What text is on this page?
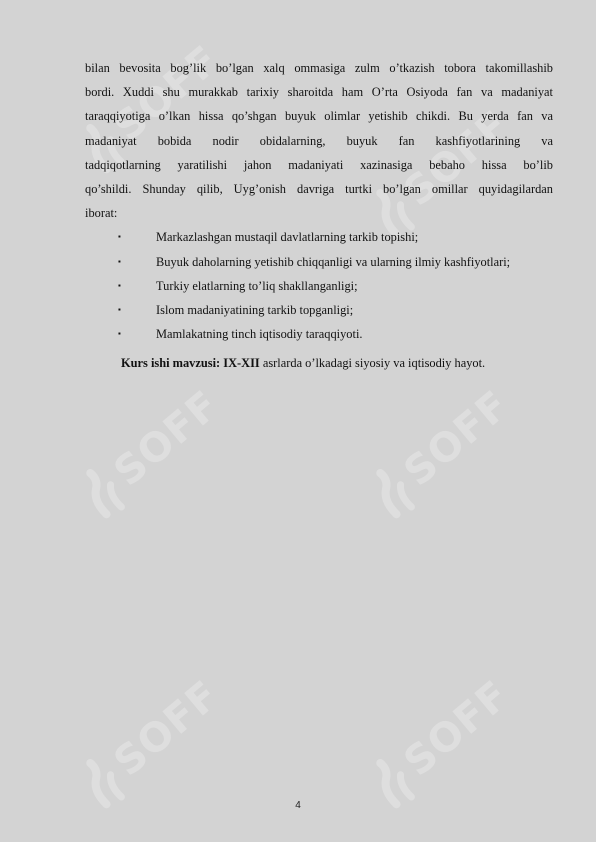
SOFF
SOFF
SOFF	SOFF
SOFF	SOFF
bilan bevosita bog’lik bo’lgan xalq ommasiga zulm o’tkazish tobora takomillashib
bordi. Xuddi shu murakkab tarixiy sharoitda ham O’rta Osiyoda fan va madaniyat
taraqqiyotiga o’lkan hissa qo’shgan buyuk olimlar yetishib chikdi. Bu yerda fan va
madaniyat bobida nodir obidalarning, buyuk fan kashfiyotlarining va
tadqiqotlarning yaratilishi jahon madaniyati xazinasiga bebaho hissa bo’lib
qo’shildi. Shunday qilib, Uyg’onish davriga turtki bo’lgan omillar quyidagilardan
iborat:
▪	Markazlashgan mustaqil davlatlarning tarkib topishi;
▪	Buyuk daholarning yetishib chiqqanligi va ularning ilmiy kashfiyotlari;
▪	Turkiy elatlarning to’liq shakllanganligi;
▪	Islom madaniyatining tarkib topganligi;
▪	Mamlakatning tinch iqtisodiy taraqqiyoti.
Kurs ishi mavzusi: IX-XII asrlarda o’lkadagi siyosiy va iqtisodiy hayot.
4
